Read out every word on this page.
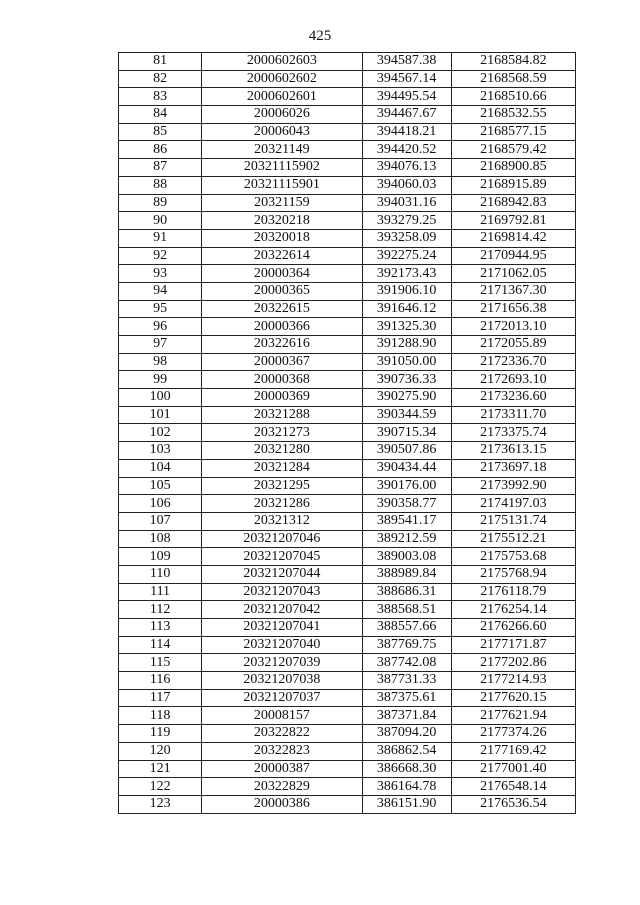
425
81	2000602603	394587.38	2168584.82
82	2000602602	394567.14	2168568.59
83	2000602601	394495.54	2168510.66
84	20006026	394467.67	2168532.55
85	20006043	394418.21	2168577.15
86	20321149	394420.52	2168579.42
87	20321115902	394076.13	2168900.85
88	20321115901	394060.03	2168915.89
89	20321159	394031.16	2168942.83
90	20320218	393279.25	2169792.81
91	20320018	393258.09	2169814.42
92	20322614	392275.24	2170944.95
93	20000364	392173.43	2171062.05
94	20000365	391906.10	2171367.30
95	20322615	391646.12	2171656.38
96	20000366	391325.30	2172013.10
97	20322616	391288.90	2172055.89
98	20000367	391050.00	2172336.70
99	20000368	390736.33	2172693.10
100	20000369	390275.90	2173236.60
101	20321288	390344.59	2173311.70
102	20321273	390715.34	2173375.74
103	20321280	390507.86	2173613.15
104	20321284	390434.44	2173697.18
105	20321295	390176.00	2173992.90
106	20321286	390358.77	2174197.03
107	20321312	389541.17	2175131.74
108	20321207046	389212.59	2175512.21
109	20321207045	389003.08	2175753.68
110	20321207044	388989.84	2175768.94
111	20321207043	388686.31	2176118.79
112	20321207042	388568.51	2176254.14
113	20321207041	388557.66	2176266.60
114	20321207040	387769.75	2177171.87
115	20321207039	387742.08	2177202.86
116	20321207038	387731.33	2177214.93
117	20321207037	387375.61	2177620.15
118	20008157	387371.84	2177621.94
119	20322822	387094.20	2177374.26
120	20322823	386862.54	2177169.42
121	20000387	386668.30	2177001.40
122	20322829	386164.78	2176548.14
123	20000386	386151.90	2176536.54
